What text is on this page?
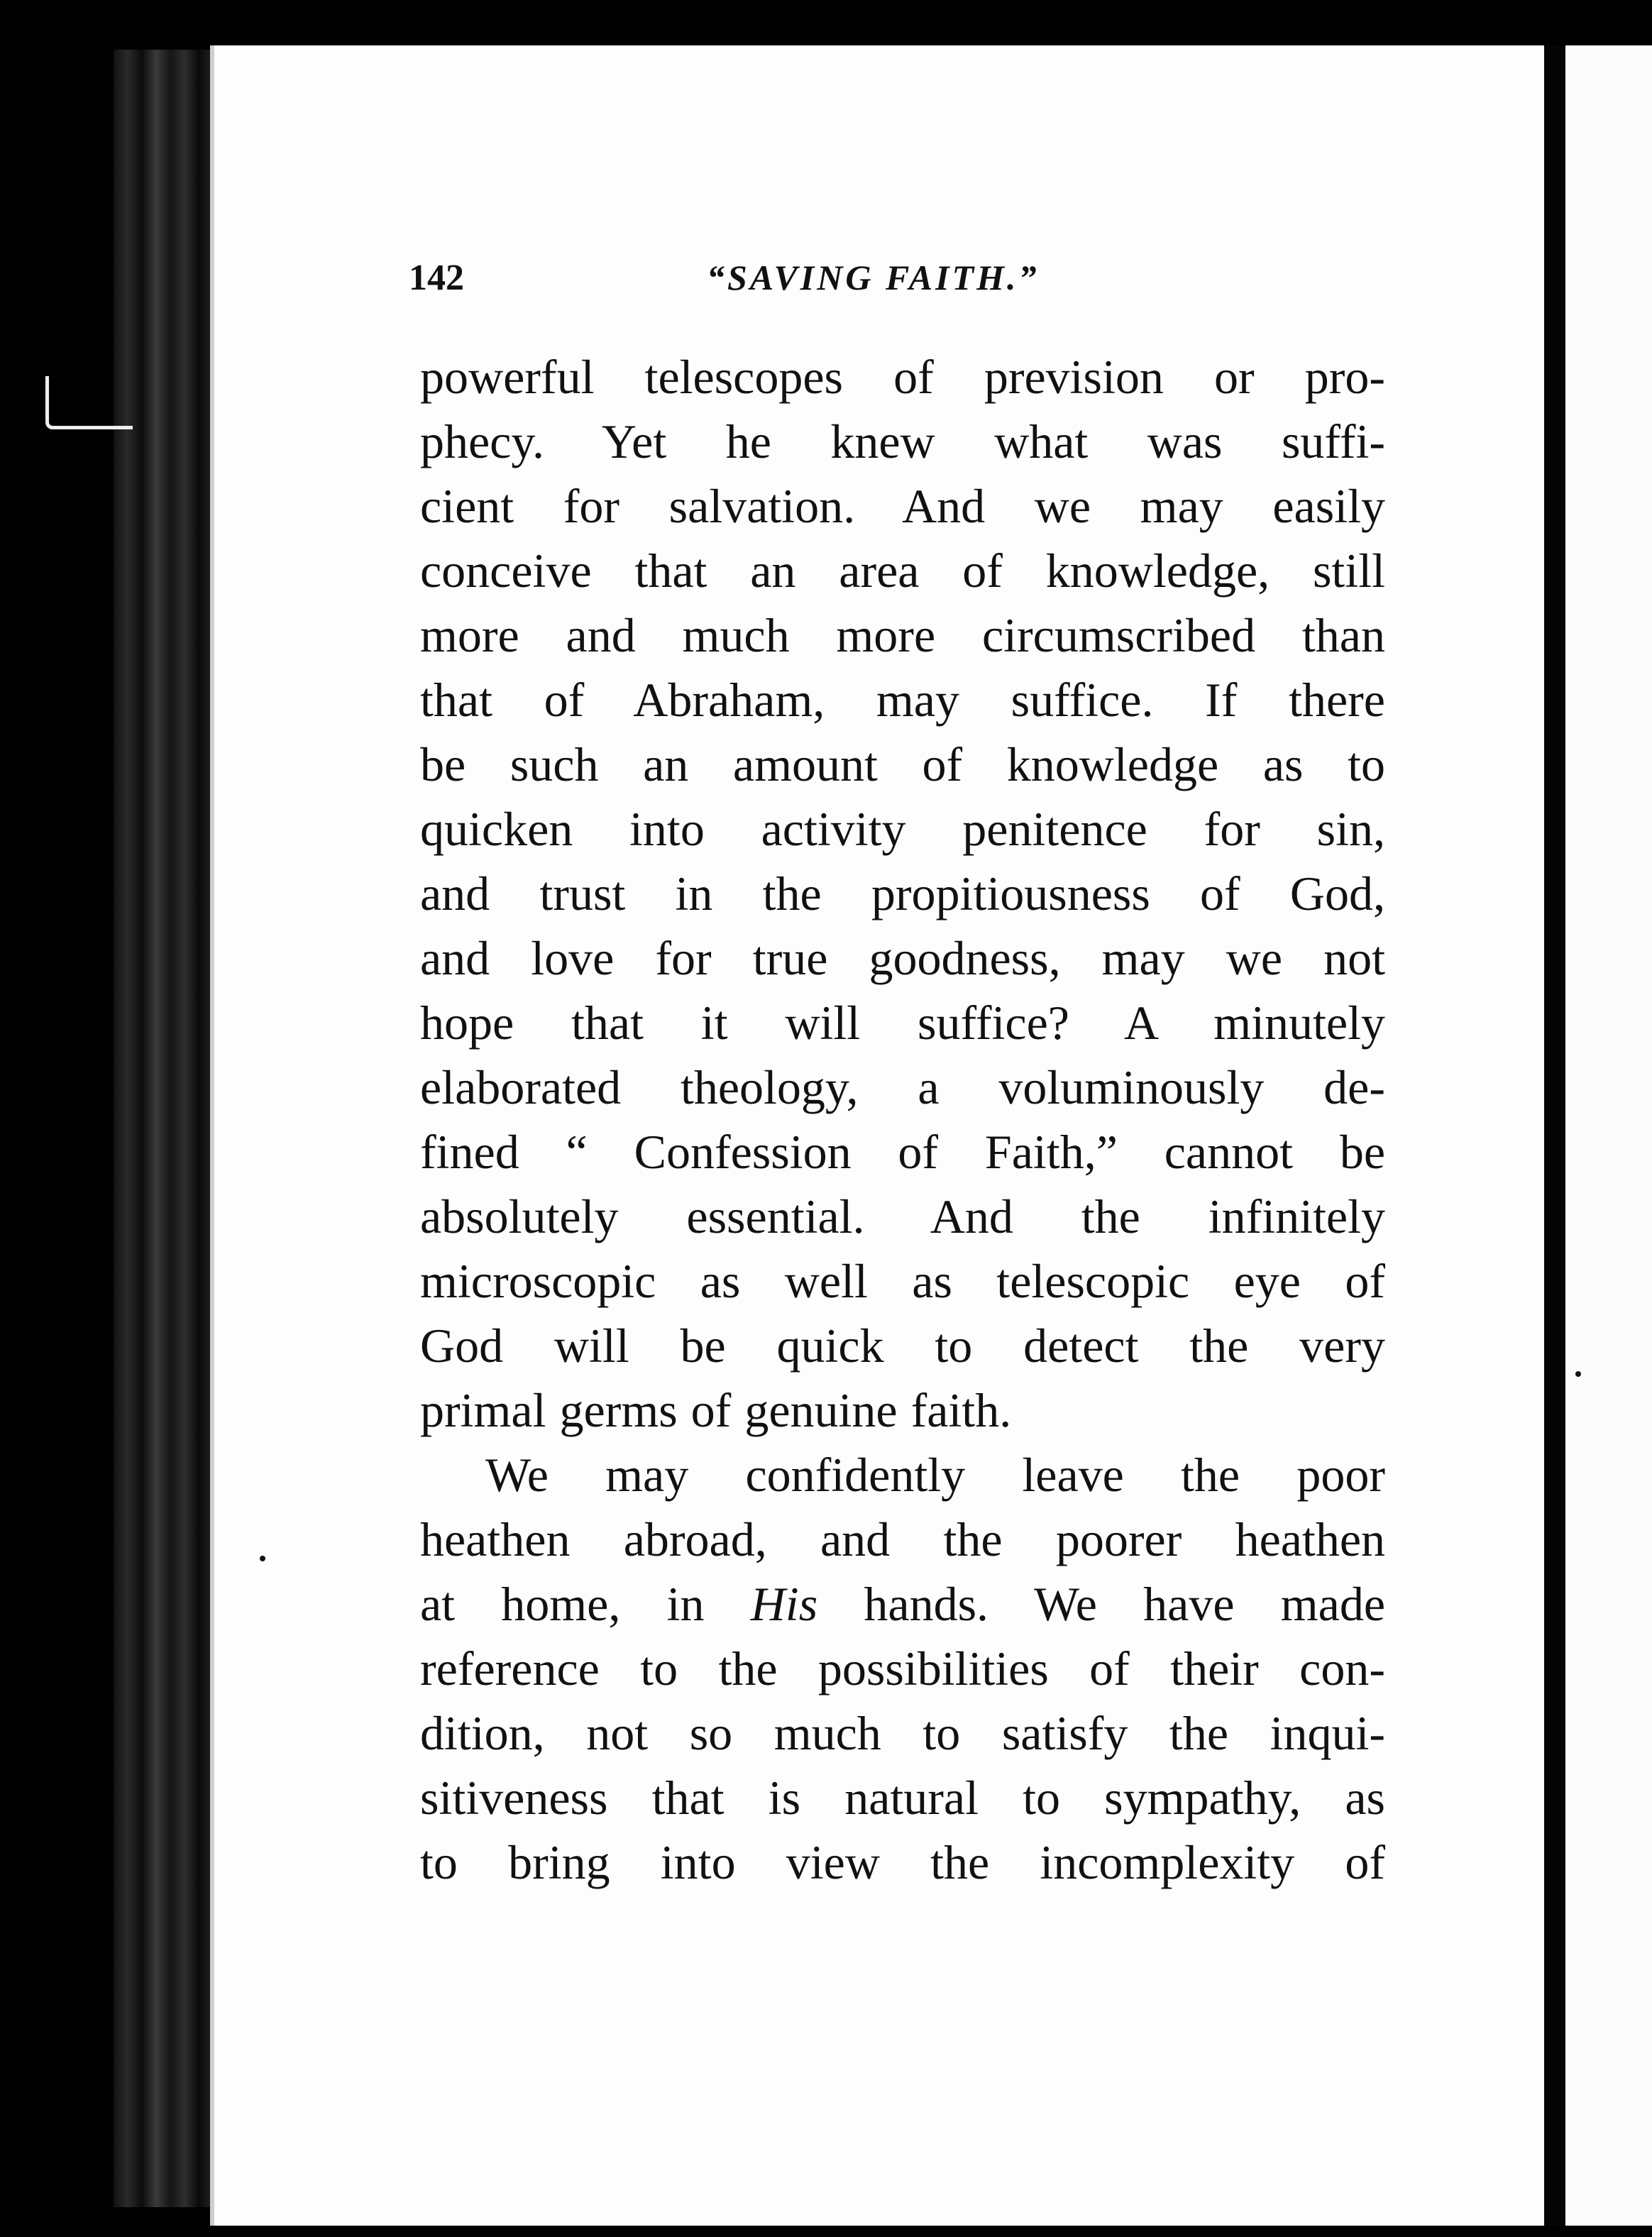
142	“SAVING FAITH.”
powerful telescopes of prevision or pro-
phecy. Yet he knew what was suffi-
cient for salvation. And we may easily
conceive that an area of knowledge, still
more and much more circumscribed than
that of Abraham, may suffice. If there
be such an amount of knowledge as to
quicken into activity penitence for sin,
and trust in the propitiousness of God,
and love for true goodness, may we not
hope that it will suffice? A minutely
elaborated theology, a voluminously de-
fined “ Confession of Faith,” cannot be
absolutely essential. And the infinitely
microscopic as well as telescopic eye of
God will be quick to detect the very
primal germs of genuine faith.
We may confidently leave the poor
heathen abroad, and the poorer heathen
at home, in His hands. We have made
reference to the possibilities of their con-
dition, not so much to satisfy the inqui-
sitiveness that is natural to sympathy, as
to bring into view the incomplexity of
